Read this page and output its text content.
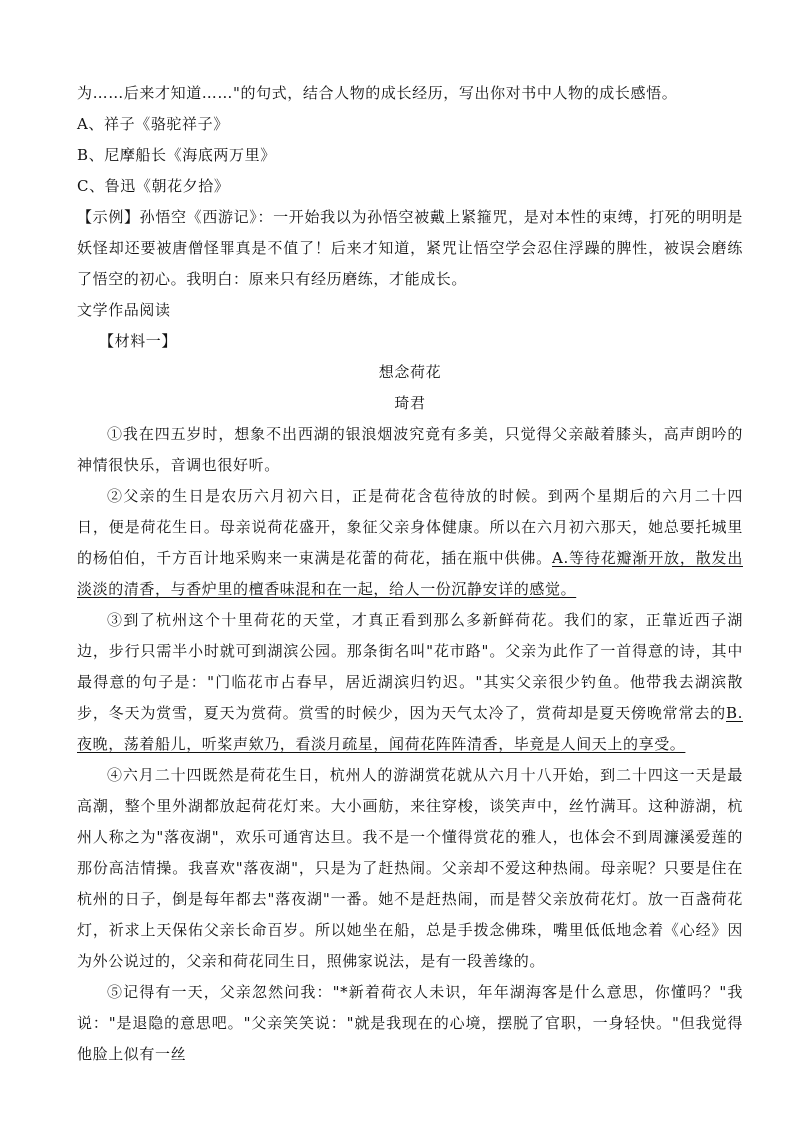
为……后来才知道……"的句式，结合人物的成长经历，写出你对书中人物的成长感悟。
A、祥子《骆驼祥子》
B、尼摩船长《海底两万里》
C、鲁迅《朝花夕拾》
【示例】孙悟空《西游记》：一开始我以为孙悟空被戴上紧箍咒，是对本性的束缚，打死的明明是妖怪却还要被唐僧怪罪真是不值了！后来才知道，紧咒让悟空学会忍住浮躁的脾性，被误会磨练了悟空的初心。我明白：原来只有经历磨练，才能成长。
文学作品阅读
【材料一】
想念荷花
琦君
①我在四五岁时，想象不出西湖的银浪烟波究竟有多美，只觉得父亲敲着膝头，高声朗吟的神情很快乐，音调也很好听。
②父亲的生日是农历六月初六日，正是荷花含苞待放的时候。到两个星期后的六月二十四日，便是荷花生日。母亲说荷花盛开，象征父亲身体健康。所以在六月初六那天，她总要托城里的杨伯伯，千方百计地采购来一束满是花蕾的荷花，插在瓶中供佛。A.等待花瓣渐开放，散发出淡淡的清香，与香炉里的檀香味混和在一起，给人一份沉静安详的感觉。
③到了杭州这个十里荷花的天堂，才真正看到那么多新鲜荷花。我们的家，正靠近西子湖边，步行只需半小时就可到湖滨公园。那条街名叫"花市路"。父亲为此作了一首得意的诗，其中最得意的句子是："门临花市占春早，居近湖滨归钓迟。"其实父亲很少钓鱼。他带我去湖滨散步，冬天为赏雪，夏天为赏荷。赏雪的时候少，因为天气太冷了，赏荷却是夏天傍晚常常去的B.夜晚，荡着船儿，听桨声欸乃，看淡月疏星，闻荷花阵阵清香，毕竟是人间天上的享受。
④六月二十四既然是荷花生日，杭州人的游湖赏花就从六月十八开始，到二十四这一天是最高潮，整个里外湖都放起荷花灯来。大小画舫，来往穿梭，谈笑声中，丝竹满耳。这种游湖，杭州人称之为"落夜湖"，欢乐可通宵达旦。我不是一个懂得赏花的雅人，也体会不到周濂溪爱莲的那份高洁情操。我喜欢"落夜湖"，只是为了赶热闹。父亲却不爱这种热闹。母亲呢？只要是住在杭州的日子，倒是每年都去"落夜湖"一番。她不是赶热闹，而是替父亲放荷花灯。放一百盏荷花灯，祈求上天保佑父亲长命百岁。所以她坐在船，总是手拨念佛珠，嘴里低低地念着《心经》因为外公说过的，父亲和荷花同生日，照佛家说法，是有一段善缘的。
⑤记得有一天，父亲忽然问我："*新着荷衣人未识，年年湖海客是什么意思，你懂吗？"我说："是退隐的意思吧。"父亲笑笑说："就是我现在的心境，摆脱了官职，一身轻快。"但我觉得他脸上似有一丝
